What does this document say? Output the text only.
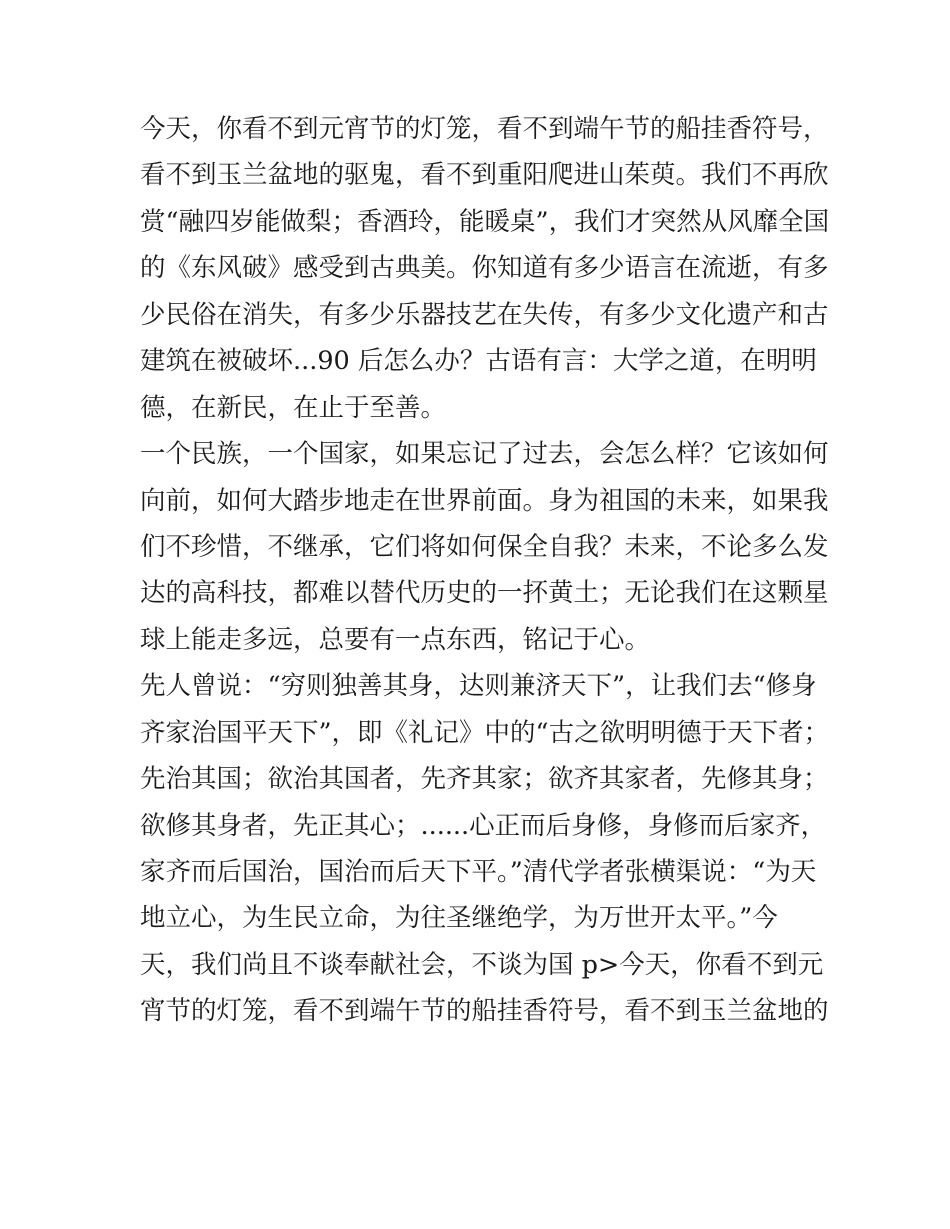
今天，你看不到元宵节的灯笼，看不到端午节的船挂香符号，

看不到玉兰盆地的驱鬼，看不到重阳爬进山茱萸。我们不再欣

赏“融四岁能做梨；香酒玲，能暖桌”，我们才突然从风靡全国

的《东风破》感受到古典美。你知道有多少语言在流逝，有多

少民俗在消失，有多少乐器技艺在失传，有多少文化遗产和古

建筑在被破坏...90 后怎么办？古语有言：大学之道，在明明

德，在新民，在止于至善。

一个民族，一个国家，如果忘记了过去，会怎么样？它该如何

向前，如何大踏步地走在世界前面。身为祖国的未来，如果我

们不珍惜，不继承，它们将如何保全自我？未来，不论多么发

达的高科技，都难以替代历史的一抔黄土；无论我们在这颗星

球上能走多远，总要有一点东西，铭记于心。

先人曾说：“穷则独善其身，达则兼济天下”，让我们去“修身

齐家治国平天下”，即《礼记》中的“古之欲明明德于天下者；

先治其国；欲治其国者，先齐其家；欲齐其家者，先修其身；

欲修其身者，先正其心；......心正而后身修，身修而后家齐，

家齐而后国治，国治而后天下平。”清代学者张横渠说：“为天

地立心，为生民立命，为往圣继绝学，为万世开太平。”今

天，我们尚且不谈奉献社会，不谈为国 p>今天，你看不到元

宵节的灯笼，看不到端午节的船挂香符号，看不到玉兰盆地的
